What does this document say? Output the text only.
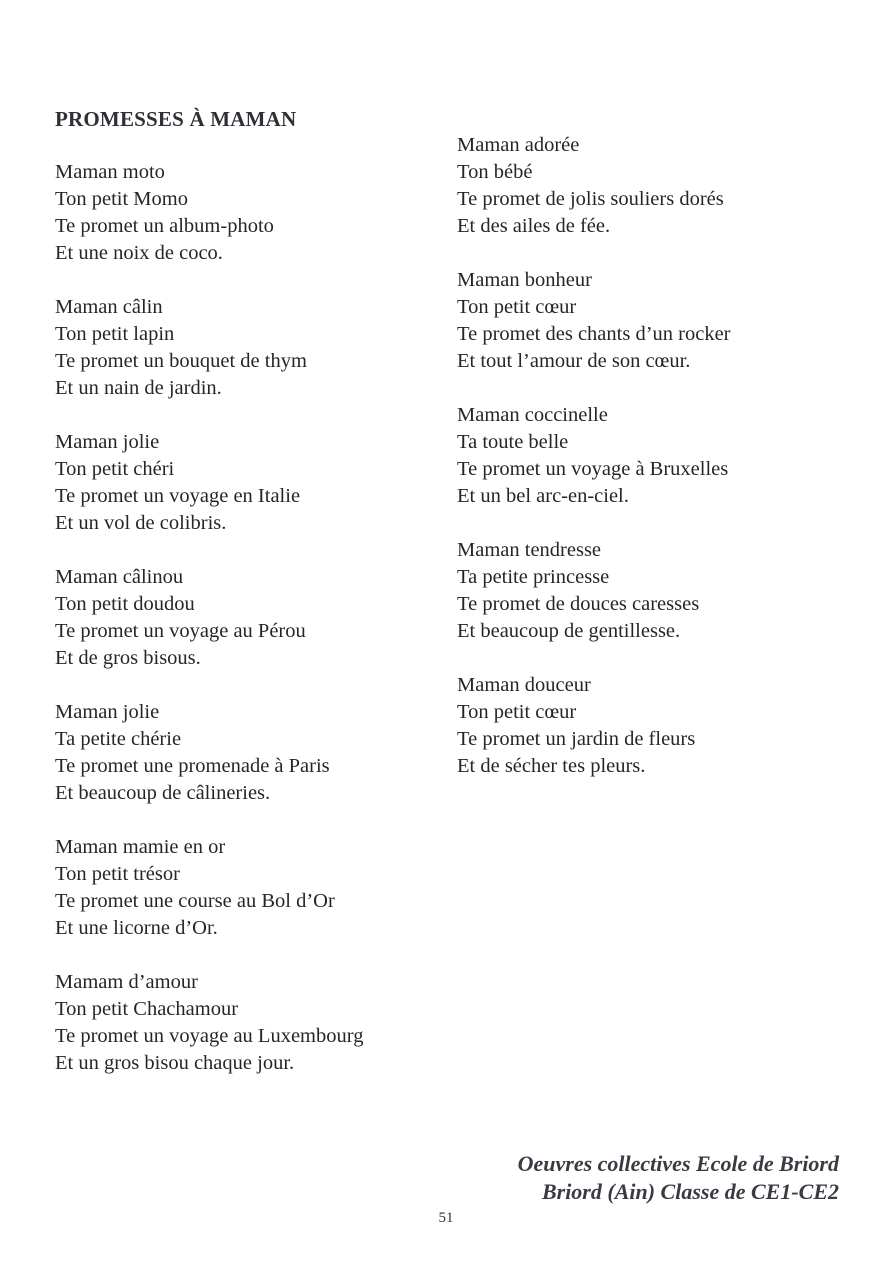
PROMESSES À MAMAN
Maman moto
Ton petit Momo
Te promet un album-photo
Et une noix de coco.
Maman câlin
Ton petit lapin
Te promet un bouquet de thym
Et un nain de jardin.
Maman jolie
Ton petit chéri
Te promet un voyage en Italie
Et un vol de colibris.
Maman câlinou
Ton petit doudou
Te promet un voyage au Pérou
Et de gros bisous.
Maman jolie
Ta petite chérie
Te promet une promenade à Paris
Et beaucoup de câlineries.
Maman mamie en or
Ton petit trésor
Te promet une course au Bol d’Or
Et une licorne d’Or.
Mamam d’amour
Ton petit Chachamour
Te promet un voyage au Luxembourg
Et un gros bisou chaque jour.
Maman adorée
Ton bébé
Te promet de jolis souliers dorés
Et des ailes de fée.
Maman bonheur
Ton petit cœur
Te promet des chants d’un rocker
Et tout l’amour de son cœur.
Maman coccinelle
Ta toute belle
Te promet un voyage à Bruxelles
Et un bel arc-en-ciel.
Maman tendresse
Ta petite princesse
Te promet de douces caresses
Et beaucoup de gentillesse.
Maman douceur
Ton petit cœur
Te promet un jardin de fleurs
Et de sécher tes pleurs.
Oeuvres collectives Ecole de Briord
Briord (Ain) Classe de CE1-CE2
51
